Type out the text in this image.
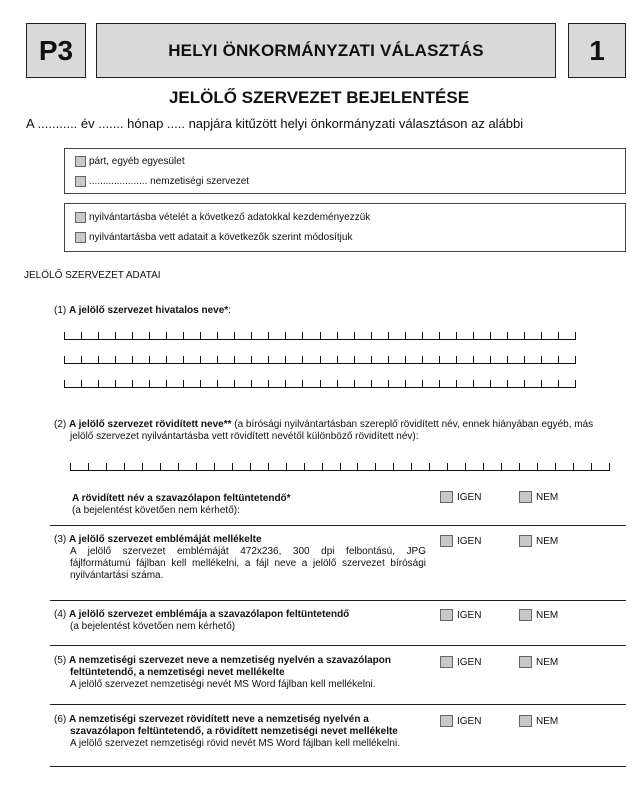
P3	HELYI ÖNKORMÁNYZATI VÁLASZTÁS	1
JELÖLŐ SZERVEZET BEJELENTÉSE
A ........... év ....... hónap ..... napjára kitűzött helyi önkormányzati választáson az alábbi
párt, egyéb egyesület
..................... nemzetiségi szervezet
nyilvántartásba vételét a következő adatokkal kezdeményezzük
nyilvántartásba vett adatait a következők szerint módosítjuk
JELÖLŐ SZERVEZET ADATAI
(1) A jelölő szervezet hivatalos neve*:
(2) A jelölő szervezet rövidített neve** (a bírósági nyilvántartásban szereplő rövidített név, ennek hiányában egyéb, más
jelölő szervezet nyilvántartásba vett rövidített nevétől különböző rövidített név):
A rövidített név a szavazólapon feltüntetendő*
(a bejelentést követően nem kérhető):
IGEN	NEM
(3) A jelölő szervezet emblémáját mellékelte
A jelölő szervezet emblémáját 472x236, 300 dpi felbontású, JPG
fájlformátumú fájlban kell mellékelni, a fájl neve a jelölő szervezet bírósági
nyilvántartási száma.
IGEN	NEM
(4) A jelölő szervezet emblémája a szavazólapon feltüntetendő
(a bejelentést követően nem kérhető)
IGEN	NEM
(5) A nemzetiségi szervezet neve a nemzetiség nyelvén a szavazólapon
feltüntetendő, a nemzetiségi nevet mellékelte
A jelölő szervezet nemzetiségi nevét MS Word fájlban kell mellékelni.
IGEN	NEM
(6) A nemzetiségi szervezet rövidített neve a nemzetiség nyelvén a
szavazólapon feltüntetendő, a rövidített nemzetiségi nevet mellékelte
A jelölő szervezet nemzetiségi rövid nevét MS Word fájlban kell mellékelni.
IGEN	NEM
